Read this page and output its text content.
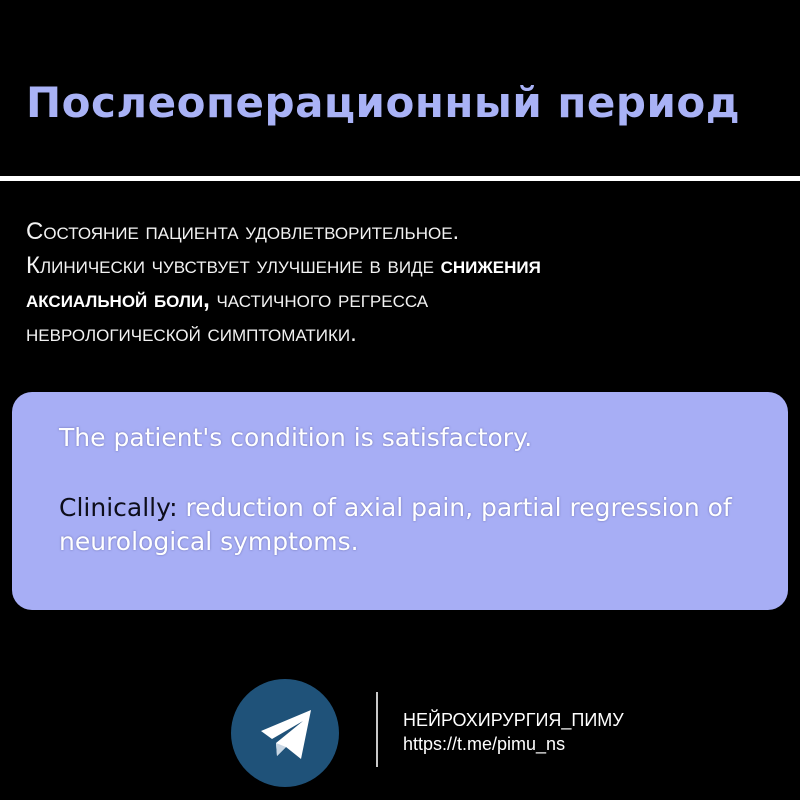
Послеоперационный период
Состояние пациента удовлетворительное.
Клинически чувствует улучшение в виде снижения
аксиальной боли, частичного регресса
неврологической симптоматики.

The patient's condition is satisfactory.

Clinically: reduction of axial pain, partial regression of

neurological symptoms.

НЕЙРОХИРУРГИЯ_ПИМУ
https://t.me/pimu_ns
